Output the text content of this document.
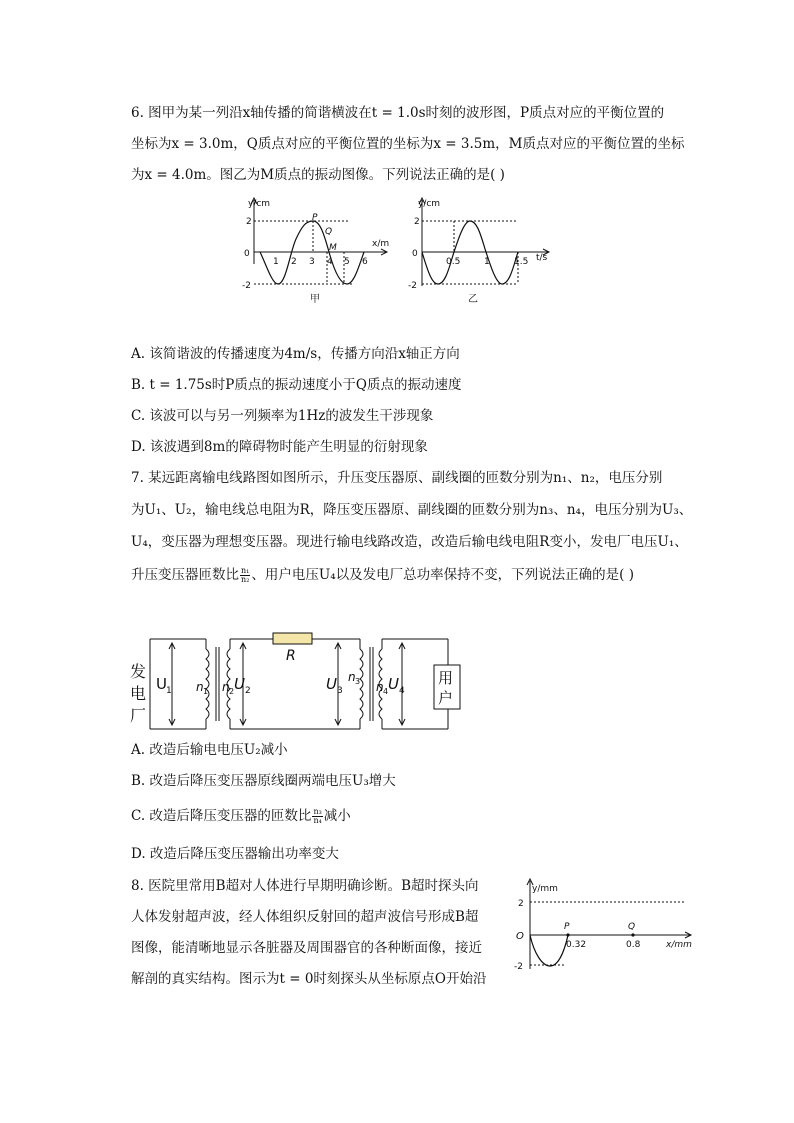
6. 图甲为某一列沿x轴传播的简谐横波在t = 1.0s时刻的波形图，P质点对应的平衡位置的
坐标为x = 3.0m，Q质点对应的平衡位置的坐标为x = 3.5m，M质点对应的平衡位置的坐标
为x = 4.0m。图乙为M质点的振动图像。下列说法正确的是( )
y/cm
x/m
0
2
-2
1 2 3 4 5 6
P
Q
M
甲
y/cm
t/s
0
2
-2
0.5	1	1.5
乙
A. 该简谐波的传播速度为4m/s，传播方向沿x轴正方向
B. t = 1.75s时P质点的振动速度小于Q质点的振动速度
C. 该波可以与另一列频率为1Hz的波发生干涉现象
D. 该波遇到8m的障碍物时能产生明显的衍射现象
7. 某远距离输电线路图如图所示，升压变压器原、副线圈的匝数分别为n₁、n₂，电压分别
为U₁、U₂，输电线总电阻为R，降压变压器原、副线圈的匝数分别为n₃、n₄，电压分别为U₃、
U₄，变压器为理想变压器。现进行输电线路改造，改造后输电线电阻R变小，发电厂电压U₁、
升压变压器匝数比 $\frac{\text{n₁}}{\text{n₂}}$ 、用户电压U₄以及发电厂总功率保持不变，下列说法正确的是( )
R
发
电
厂
用
户
U 1 n 1 n 2 U 2	U 3
n 3 n 4 U 4
A. 改造后输电电压U₂减小
B. 改造后降压变压器原线圈两端电压U₃增大
C. 改造后降压变压器的匝数比 $\frac{\text{n₃}}{\text{n₄}}$ 减小
D. 改造后降压变压器输出功率变大
8. 医院里常用B超对人体进行早期明确诊断。B超时探头向
人体发射超声波，经人体组织反射回的超声波信号形成B超
图像，能清晰地显示各脏器及周围器官的各种断面像，接近
解剖的真实结构。图示为t = 0时刻探头从坐标原点O开始沿
y/mm
x/mm
O
2
-2
P	Q
0.32	0.8
